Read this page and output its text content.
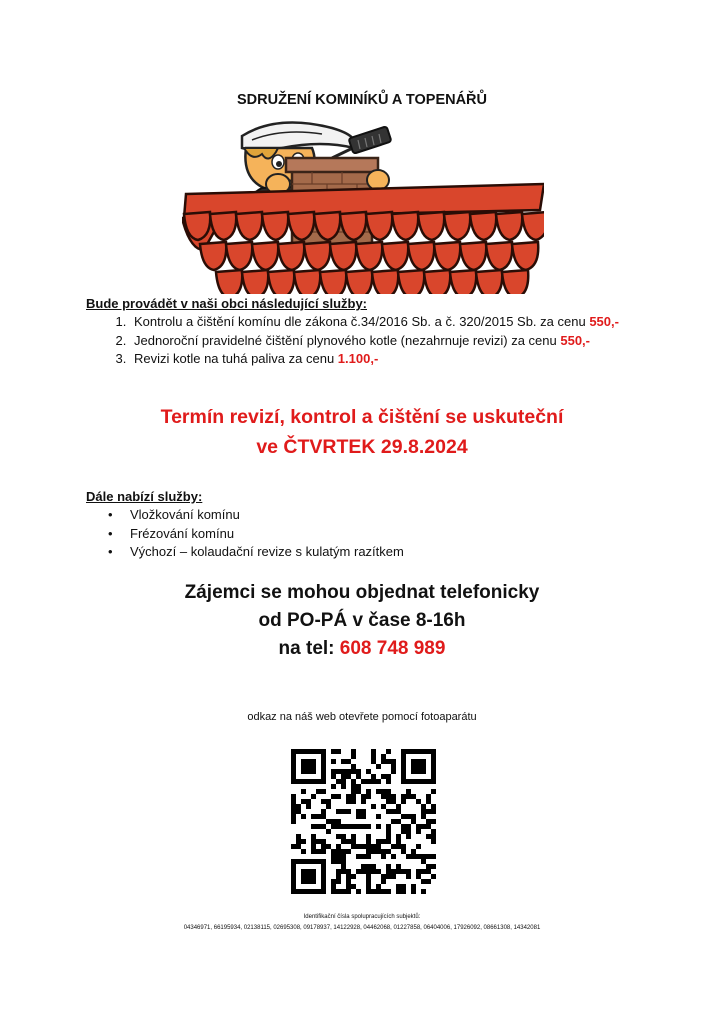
SDRUŽENÍ KOMINÍKŮ A TOPENÁŘŮ
Bude provádět v naši obci následující služby:
1. Kontrolu a čištění komínu dle zákona č.34/2016 Sb. a č. 320/2015 Sb. za cenu 550,-
2. Jednoroční pravidelné čištění plynového kotle (nezahrnuje revizi) za cenu 550,-
3. Revizi kotle na tuhá paliva za cenu 1.100,-
Termín revizí, kontrol a čištění se uskuteční
ve ČTVRTEK 29.8.2024
Dále nabízí služby:
• Vložkování komínu
• Frézování komínu
• Výchozí – kolaudační revize s kulatým razítkem
Zájemci se mohou objednat telefonicky
od PO-PÁ v čase 8-16h
na tel: 608 748 989
odkaz na náš web otevřete pomocí fotoaparátu
Identifikační čísla spolupracujících subjektů:
04346971, 66195934, 02138115, 02695308, 09178937, 14122928, 04462068, 01227858, 06404006, 17926092, 08661308, 14342081
